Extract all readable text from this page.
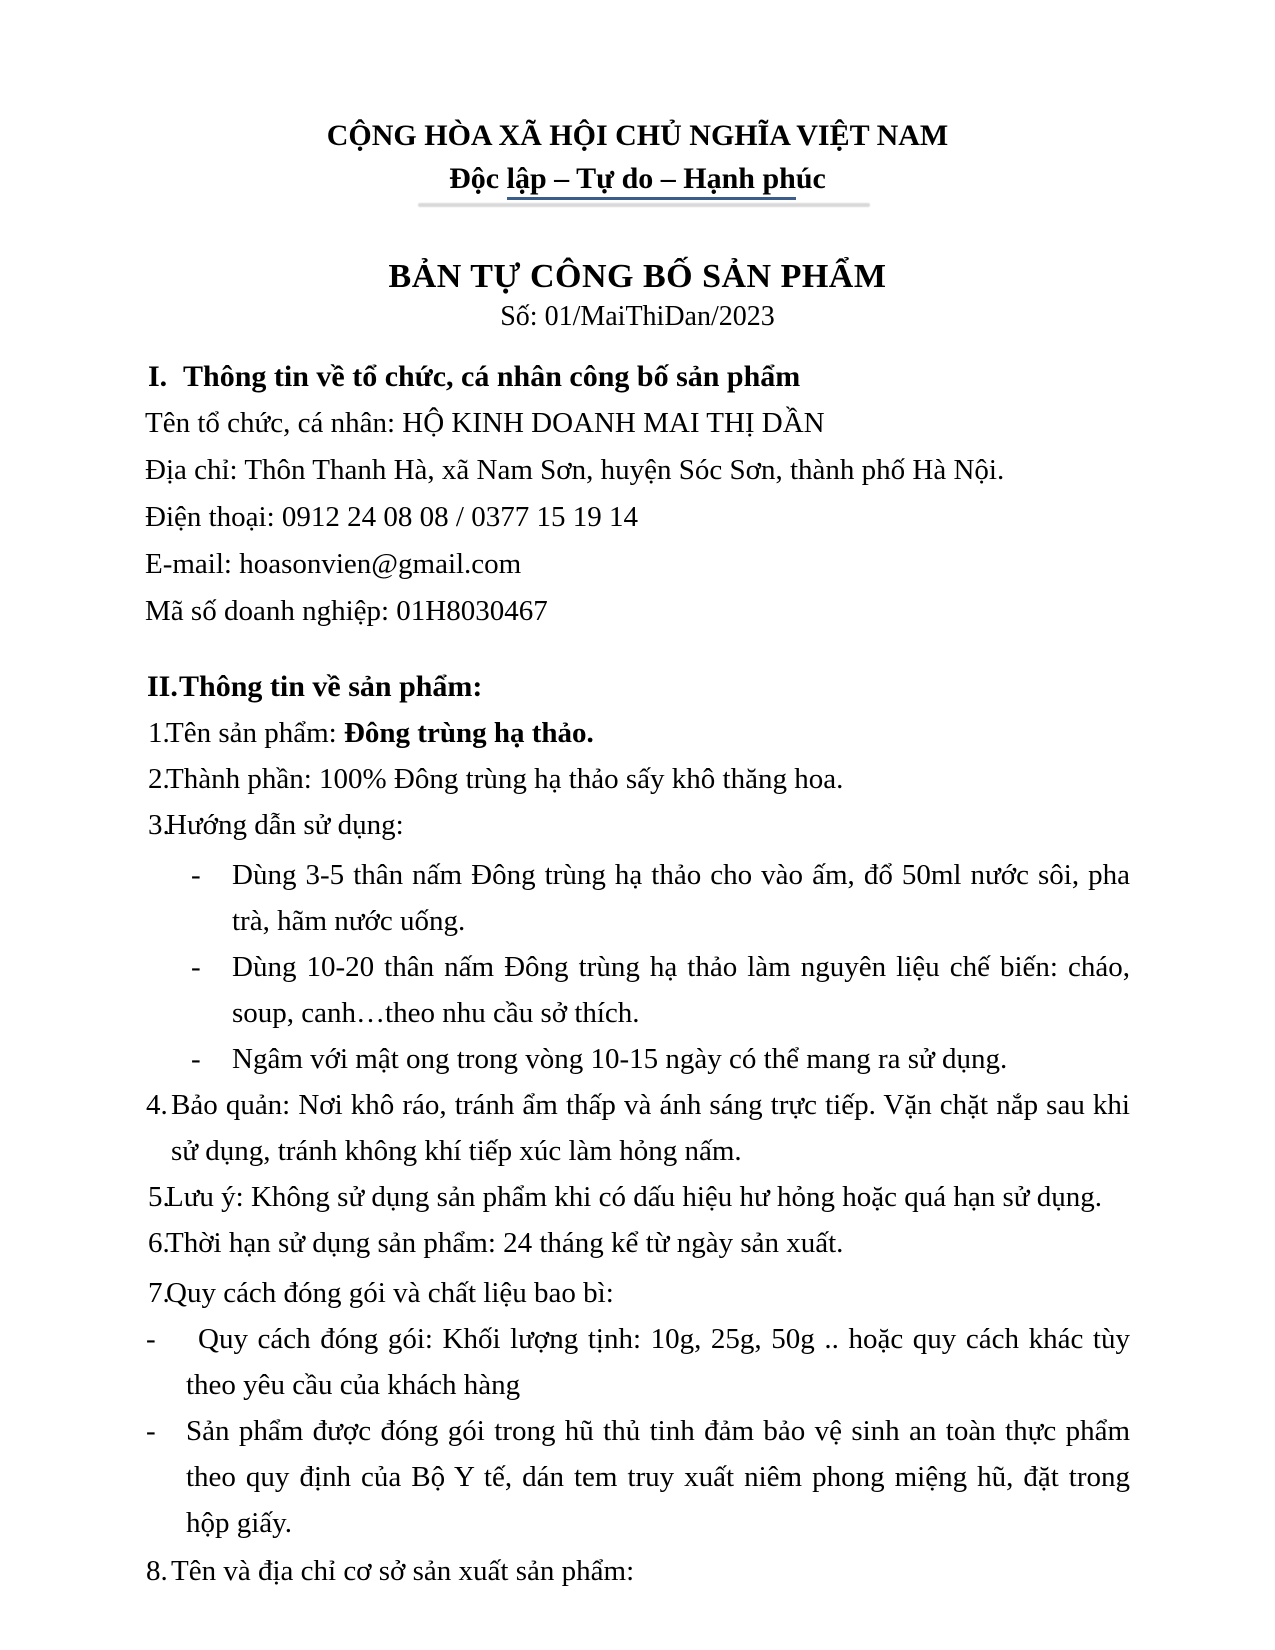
CỘNG HÒA XÃ HỘI CHỦ NGHĨA VIỆT NAM
Độc lập – Tự do – Hạnh phúc
BẢN TỰ CÔNG BỐ SẢN PHẨM
Số: 01/MaiThiDan/2023
I. Thông tin về tổ chức, cá nhân công bố sản phẩm
Tên tổ chức, cá nhân: HỘ KINH DOANH MAI THỊ DẦN
Địa chỉ: Thôn Thanh Hà, xã Nam Sơn, huyện Sóc Sơn, thành phố Hà Nội.
Điện thoại: 0912 24 08 08 / 0377 15 19 14
E-mail: hoasonvien@gmail.com
Mã số doanh nghiệp: 01H8030467
II. Thông tin về sản phẩm:
1.
Tên sản phẩm: Đông trùng hạ thảo.
2.
Thành phần: 100% Đông trùng hạ thảo sấy khô thăng hoa.
3.
Hướng dẫn sử dụng:
- Dùng 3-5 thân nấm Đông trùng hạ thảo cho vào ấm, đổ 50ml nước sôi, pha trà, hãm nước uống.
- Dùng 10-20 thân nấm Đông trùng hạ thảo làm nguyên liệu chế biến: cháo, soup, canh…theo nhu cầu sở thích.
- Ngâm với mật ong trong vòng 10-15 ngày có thể mang ra sử dụng.
4. Bảo quản: Nơi khô ráo, tránh ẩm thấp và ánh sáng trực tiếp. Vặn chặt nắp sau khi sử dụng, tránh không khí tiếp xúc làm hỏng nấm.
5.
Lưu ý: Không sử dụng sản phẩm khi có dấu hiệu hư hỏng hoặc quá hạn sử dụng.
6.
Thời hạn sử dụng sản phẩm: 24 tháng kể từ ngày sản xuất.
7.
Quy cách đóng gói và chất liệu bao bì:
- Quy cách đóng gói: Khối lượng tịnh: 10g, 25g, 50g .. hoặc quy cách khác tùy theo yêu cầu của khách hàng
- Sản phẩm được đóng gói trong hũ thủ tinh đảm bảo vệ sinh an toàn thực phẩm theo quy định của Bộ Y tế, dán tem truy xuất niêm phong miệng hũ, đặt trong hộp giấy.
8. Tên và địa chỉ cơ sở sản xuất sản phẩm:
